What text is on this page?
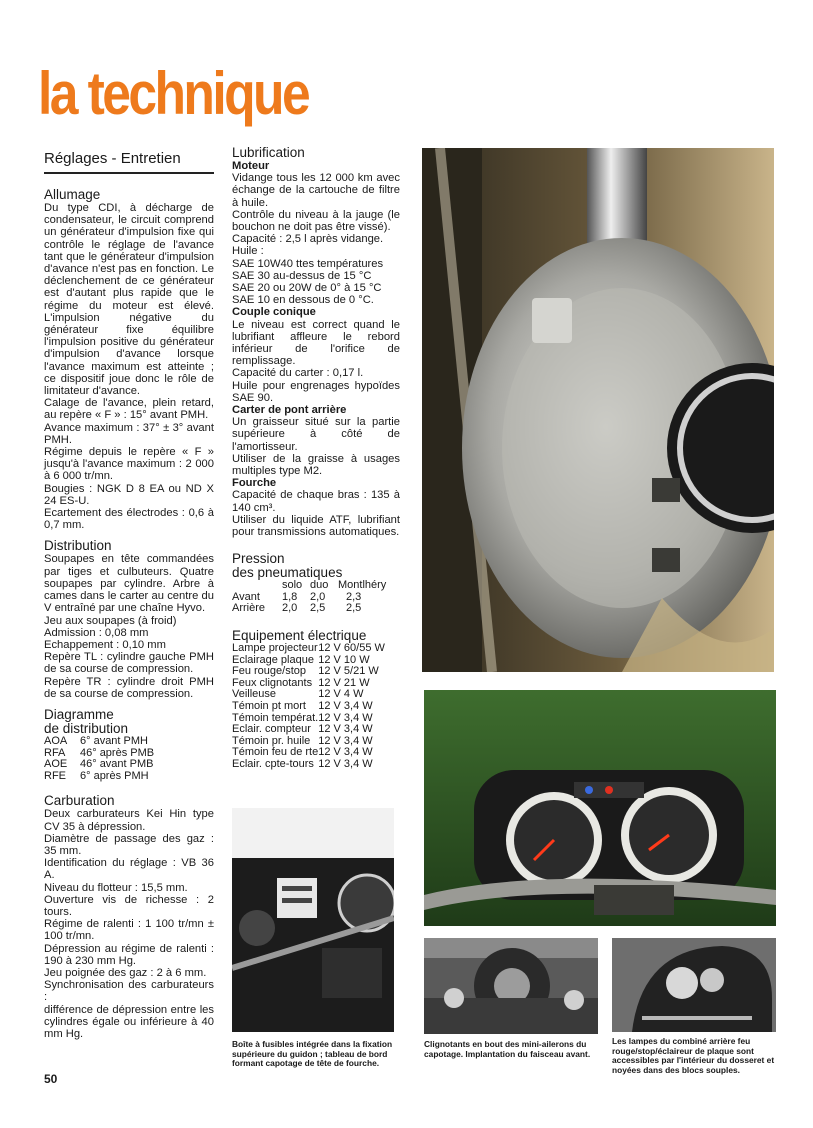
la technique
Réglages - Entretien
Allumage

Du type CDI, à décharge de condensateur, le circuit comprend un générateur d'impulsion fixe qui contrôle le réglage de l'avance tant que le générateur d'impulsion d'avance n'est pas en fonction. Le déclenchement de ce générateur est d'autant plus rapide que le régime du moteur est élevé. L'impulsion négative du générateur fixe équilibre l'impulsion positive du générateur d'impulsion d'avance lorsque l'avance maximum est atteinte ; ce dispositif joue donc le rôle de limitateur d'avance.

Calage de l'avance, plein retard, au repère « F » : 15° avant PMH.

Avance maximum : 37° ± 3° avant PMH.

Régime depuis le repère « F » jusqu'à l'avance maximum : 2 000 à 6 000 tr/mn.

Bougies : NGK D 8 EA ou ND X 24 ES-U.

Ecartement des électrodes : 0,6 à 0,7 mm.

Distribution

Soupapes en tête commandées par tiges et culbuteurs. Quatre soupapes par cylindre. Arbre à cames dans le carter au centre du V entraîné par une chaîne Hyvo.

Jeu aux soupapes (à froid)

Admission : 0,08 mm

Echappement : 0,10 mm

Repère TL : cylindre gauche PMH de sa course de compression.

Repère TR : cylindre droit PMH de sa course de compression.

Diagramme
de distribution
AOA	6° avant PMH
RFA	46° après PMB
AOE	46° avant PMB
RFE	6° après PMH
Carburation

Deux carburateurs Kei Hin type CV 35 à dépression.

Diamètre de passage des gaz : 35 mm.

Identification du réglage : VB 36 A.

Niveau du flotteur : 15,5 mm.

Ouverture vis de richesse : 2 tours.

Régime de ralenti : 1 100 tr/mn ± 100 tr/mn.

Dépression au régime de ralenti : 190 à 230 mm Hg.

Jeu poignée des gaz : 2 à 6 mm.

Synchronisation des carburateurs :

différence de dépression entre les cylindres égale ou inférieure à 40 mm Hg.

50
Lubrification

Moteur

Vidange tous les 12 000 km avec échange de la cartouche de filtre à huile.

Contrôle du niveau à la jauge (le bouchon ne doit pas être vissé).

Capacité : 2,5 l après vidange.

Huile :

SAE 10W40 ttes températures

SAE 30 au-dessus de 15 °C

SAE 20 ou 20W de 0° à 15 °C

SAE 10 en dessous de 0 °C.

Couple conique

Le niveau est correct quand le lubrifiant affleure le rebord inférieur de l'orifice de remplissage.

Capacité du carter : 0,17 l.

Huile pour engrenages hypoïdes SAE 90.

Carter de pont arrière

Un graisseur situé sur la partie supérieure à côté de l'amortisseur.

Utiliser de la graisse à usages multiples type M2.

Fourche

Capacité de chaque bras : 135 à 140 cm³.

Utiliser du liquide ATF, lubrifiant pour transmissions automatiques.

Pression
des pneumatiques
	solo	duo	Montlhéry
Avant	1,8	2,0	2,3
Arrière	2,0	2,5	2,5
Equipement électrique
Lampe projecteur	12 V 60/55 W
Eclairage plaque	12 V 10 W
Feu rouge/stop	12 V 5/21 W
Feux clignotants	12 V 21 W
Veilleuse	12 V 4 W
Témoin pt mort	12 V 3,4 W
Témoin températ.	12 V 3,4 W
Eclair. compteur	12 V 3,4 W
Témoin pr. huile	12 V 3,4 W
Témoin feu de rte	12 V 3,4 W
Eclair. cpte-tours	12 V 3,4 W
Boîte à fusibles intégrée dans la fixation supérieure du guidon ; tableau de bord formant capotage de tête de fourche.
Clignotants en bout des mini-ailerons du capotage. Implantation du faisceau avant.
Les lampes du combiné arrière feu rouge/stop/éclaireur de plaque sont accessibles par l'intérieur du dosseret et noyées dans des blocs souples.
